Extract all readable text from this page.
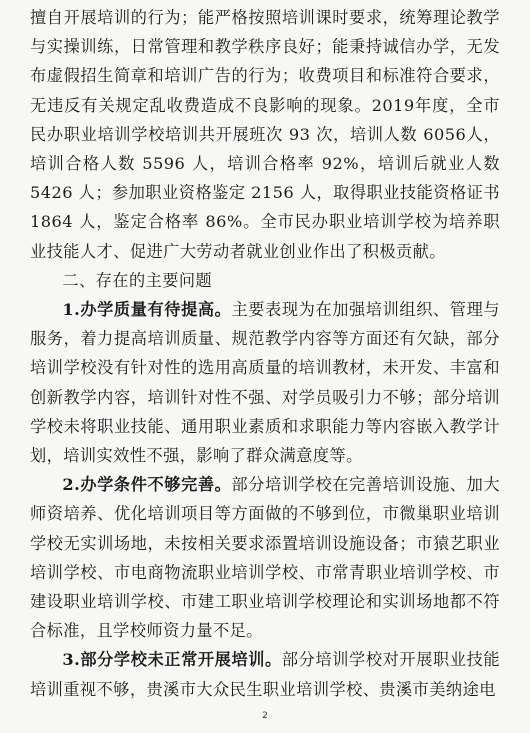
擅自开展培训的行为；能严格按照培训课时要求，统筹理论教学与实操训练，日常管理和教学秩序良好；能秉持诚信办学，无发布虚假招生简章和培训广告的行为；收费项目和标准符合要求，无违反有关规定乱收费造成不良影响的现象。2019年度，全市民办职业培训学校培训共开展班次 93 次，培训人数 6056人，培训合格人数 5596 人，培训合格率 92%，培训后就业人数 5426 人；参加职业资格鉴定 2156 人，取得职业技能资格证书 1864 人，鉴定合格率 86%。全市民办职业培训学校为培养职业技能人才、促进广大劳动者就业创业作出了积极贡献。

二、存在的主要问题

1.办学质量有待提高。主要表现为在加强培训组织、管理与服务，着力提高培训质量、规范教学内容等方面还有欠缺，部分培训学校没有针对性的选用高质量的培训教材，未开发、丰富和创新教学内容，培训针对性不强、对学员吸引力不够；部分培训学校未将职业技能、通用职业素质和求职能力等内容嵌入教学计划，培训实效性不强，影响了群众满意度等。

2.办学条件不够完善。部分培训学校在完善培训设施、加大师资培养、优化培训项目等方面做的不够到位，市微巢职业培训学校无实训场地，未按相关要求添置培训设施设备；市猿艺职业培训学校、市电商物流职业培训学校、市常青职业培训学校、市建设职业培训学校、市建工职业培训学校理论和实训场地都不符合标准，且学校师资力量不足。

3.部分学校未正常开展培训。部分培训学校对开展职业技能培训重视不够，贵溪市大众民生职业培训学校、贵溪市美纳途电

2
